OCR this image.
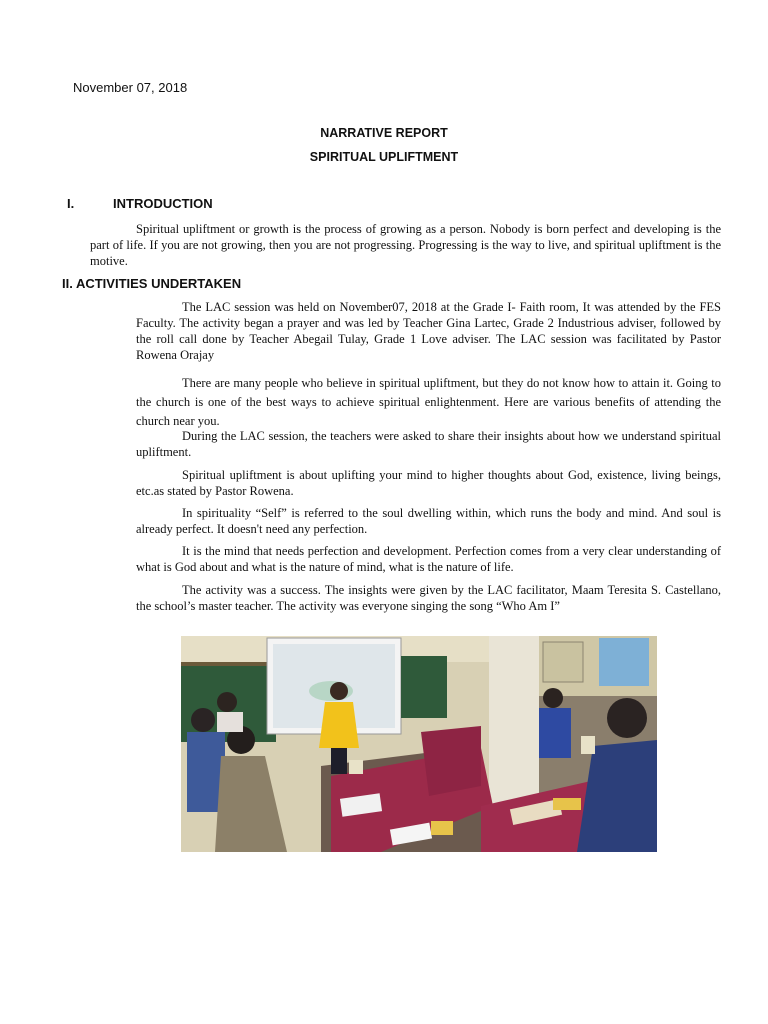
November 07, 2018
NARRATIVE REPORT
SPIRITUAL UPLIFTMENT
I.	INTRODUCTION

Spiritual upliftment or growth is the process of growing as a person. Nobody is born perfect and developing is the part of life. If you are not growing, then you are not progressing. Progressing is the way to live, and spiritual upliftment is the motive.

II. ACTIVITIES UNDERTAKEN

The LAC session was held on November07, 2018 at the Grade I- Faith room, It was attended by the FES Faculty. The activity began a prayer and was led by Teacher Gina Lartec, Grade 2 Industrious adviser, followed by the roll call done by Teacher Abegail Tulay, Grade 1 Love adviser. The LAC session was facilitated by Pastor Rowena Orajay

There are many people who believe in spiritual upliftment, but they do not know how to attain it. Going to the church is one of the best ways to achieve spiritual enlightenment. Here are various benefits of attending the church near you.

During the LAC session, the teachers were asked to share their insights about how we understand spiritual upliftment.

Spiritual upliftment is about uplifting your mind to higher thoughts about God, existence, living beings, etc.as stated by Pastor Rowena.

In spirituality “Self” is referred to the soul dwelling within, which runs the body and mind. And soul is already perfect. It doesn't need any perfection.

It is the mind that needs perfection and development. Perfection comes from a very clear understanding of what is God about and what is the nature of mind, what is the nature of life.

The activity was a success. The insights were given by the LAC facilitator, Maam Teresita S. Castellano, the school’s master teacher. The activity was everyone singing the song “Who Am I”
